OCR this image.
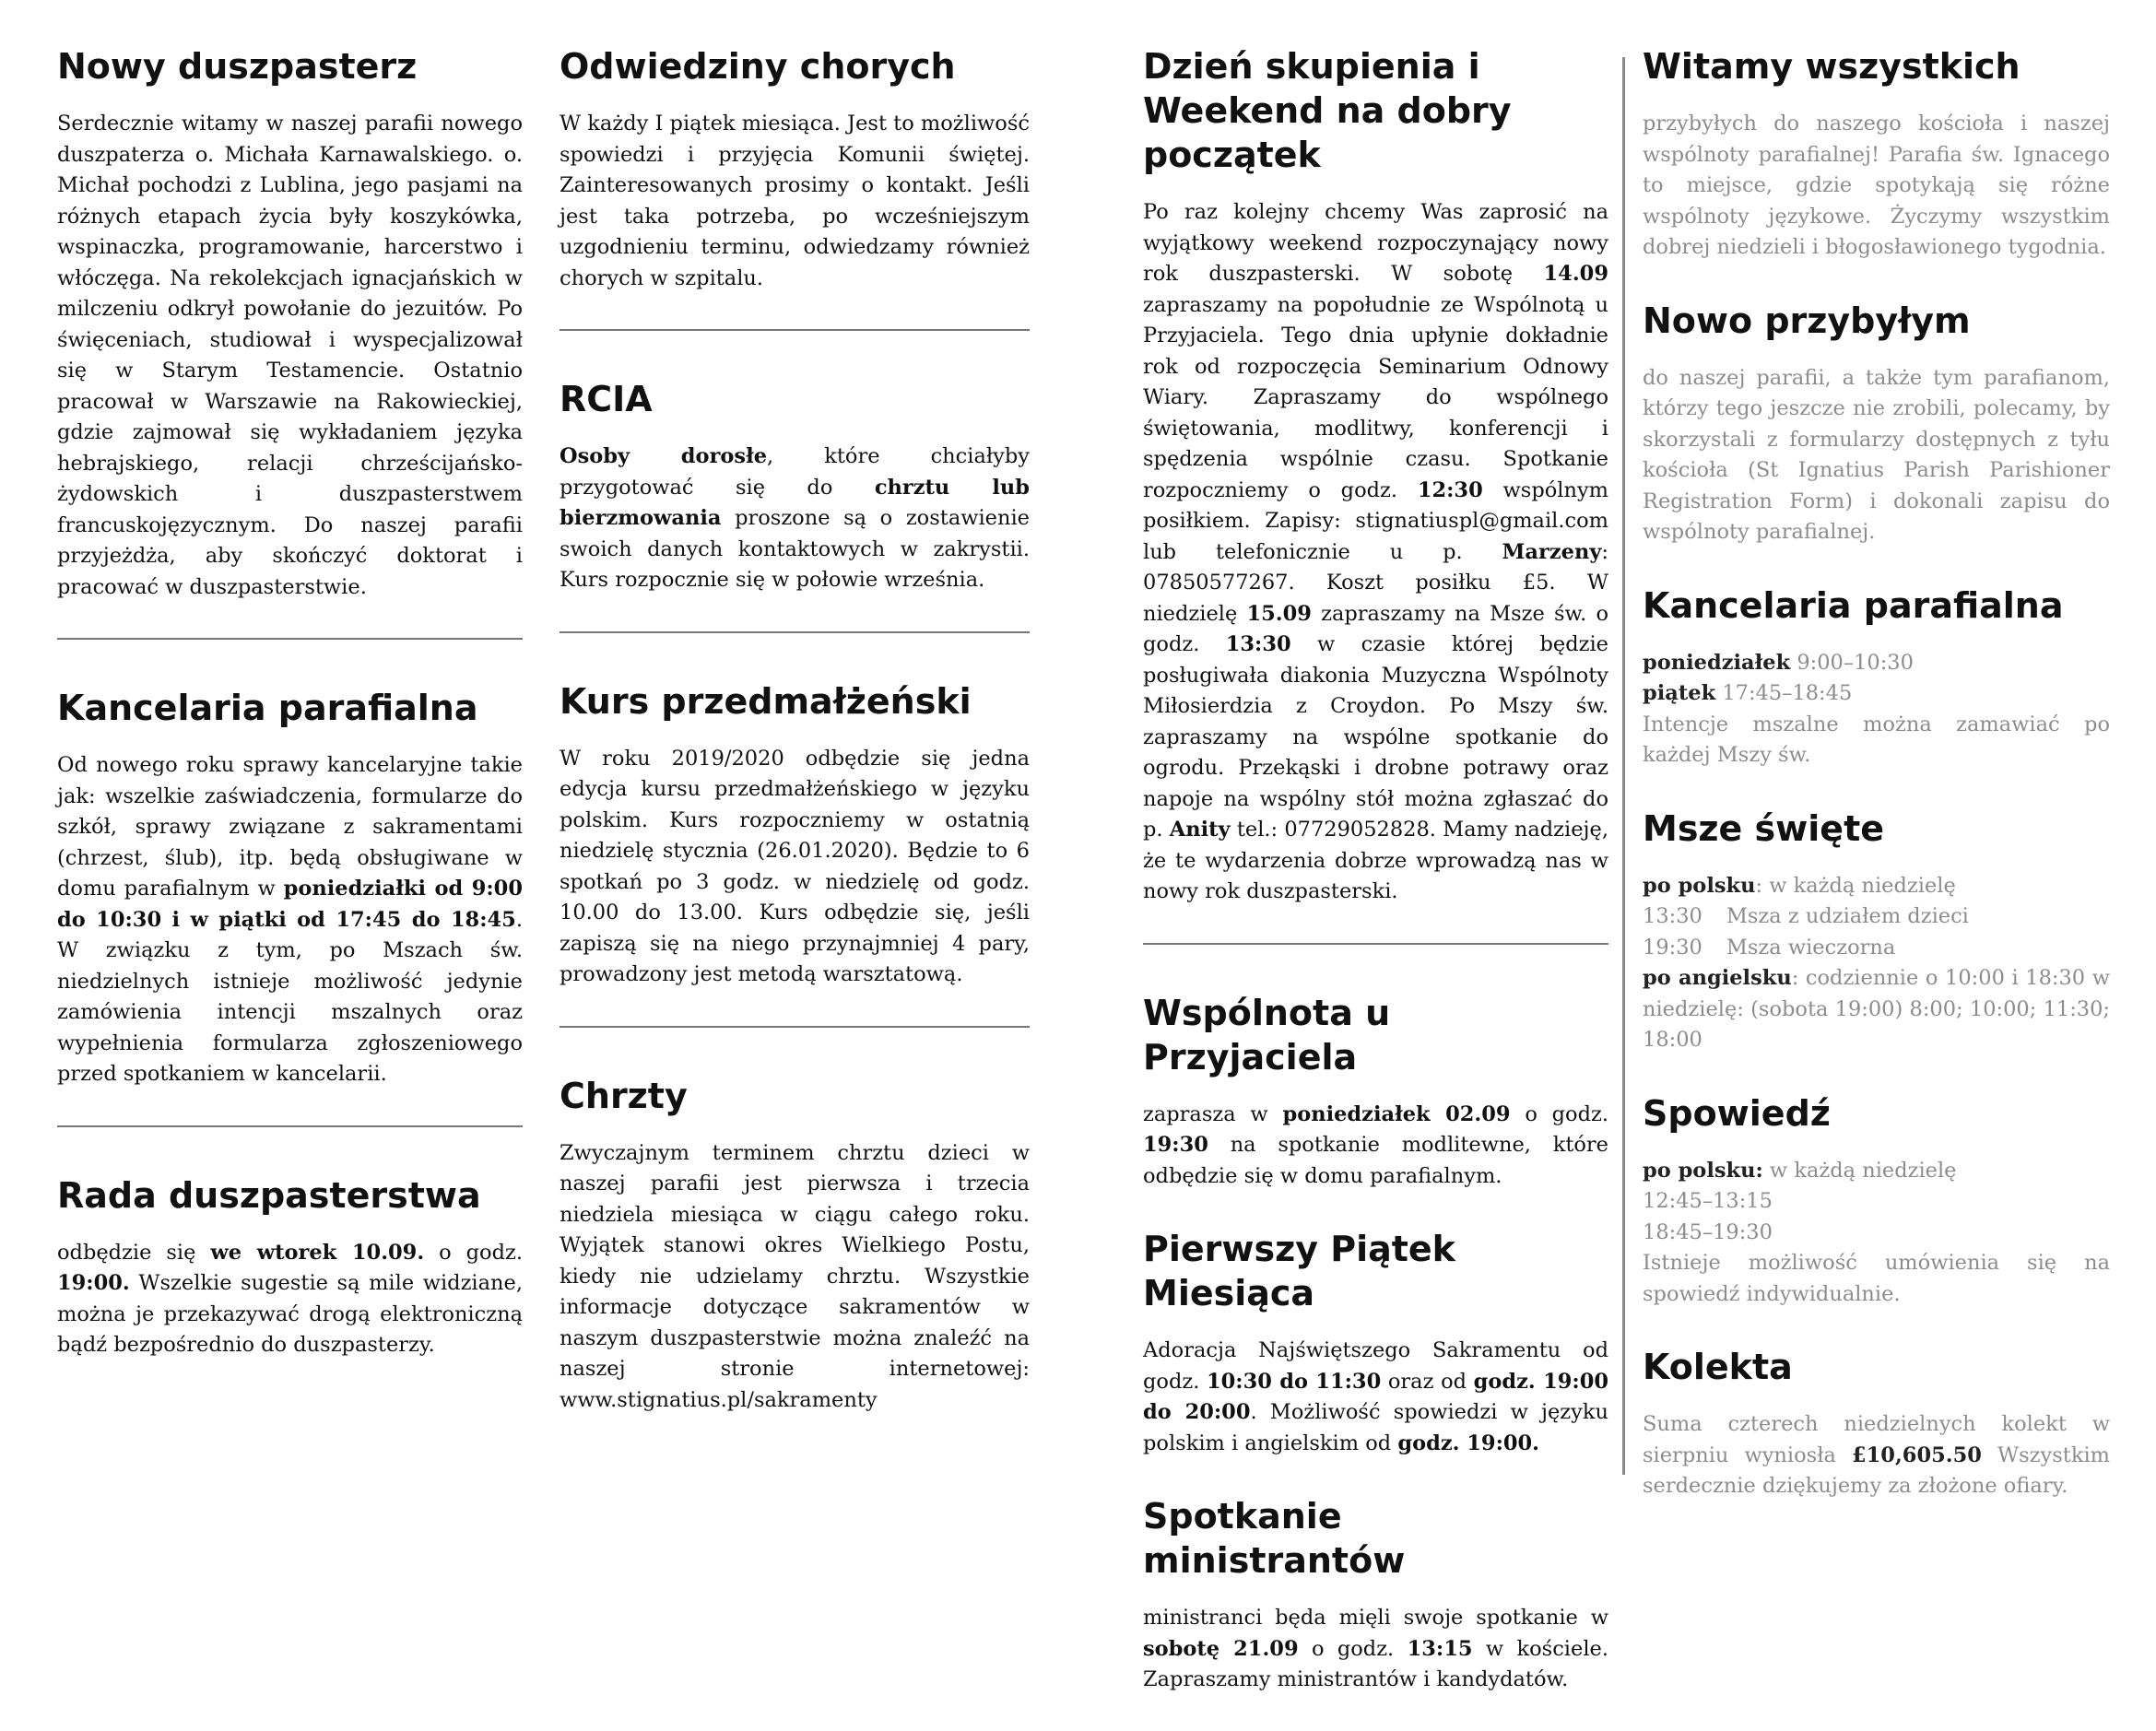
Nowy duszpasterz

Serdecznie witamy w naszej parafii nowego duszpaterza o. Michała Karnawalskiego. o. Michał pochodzi z Lublina, jego pasjami na różnych etapach życia były koszykówka, wspinaczka, programowanie, harcerstwo i włóczęga. Na rekolekcjach ignacjańskich w milczeniu odkrył powołanie do jezuitów. Po święceniach, studiował i wyspecjalizował się w Starym Testamencie. Ostatnio pracował w Warszawie na Rakowieckiej, gdzie zajmował się wykładaniem języka hebrajskiego, relacji chrześcijańsko-żydowskich i duszpasterstwem francuskojęzycznym. Do naszej parafii przyjeżdża, aby skończyć doktorat i pracować w duszpasterstwie.

Kancelaria parafialna

Od nowego roku sprawy kancelaryjne takie jak: wszelkie zaświadczenia, formularze do szkół, sprawy związane z sakramentami (chrzest, ślub), itp. będą obsługiwane w domu parafialnym w poniedziałki od 9:00 do 10:30 i w piątki od 17:45 do 18:45. W związku z tym, po Mszach św. niedzielnych istnieje możliwość jedynie zamówienia intencji mszalnych oraz wypełnienia formularza zgłoszeniowego przed spotkaniem w kancelarii.

Rada duszpasterstwa

odbędzie się we wtorek 10.09. o godz. 19:00. Wszelkie sugestie są mile widziane, można je przekazywać drogą elektroniczną bądź bezpośrednio do duszpasterzy.

Odwiedziny chorych

W każdy I piątek miesiąca. Jest to możliwość spowiedzi i przyjęcia Komunii świętej. Zainteresowanych prosimy o kontakt. Jeśli jest taka potrzeba, po wcześniejszym uzgodnieniu terminu, odwiedzamy również chorych w szpitalu.

RCIA

Osoby dorosłe, które chciałyby przygotować się do chrztu lub bierzmowania proszone są o zostawienie swoich danych kontaktowych w zakrystii. Kurs rozpocznie się w połowie września.

Kurs przedmałżeński

W roku 2019/2020 odbędzie się jedna edycja kursu przedmałżeńskiego w języku polskim. Kurs rozpoczniemy w ostatnią niedzielę stycznia (26.01.2020). Będzie to 6 spotkań po 3 godz. w niedzielę od godz. 10.00 do 13.00. Kurs odbędzie się, jeśli zapiszą się na niego przynajmniej 4 pary, prowadzony jest metodą warsztatową.

Chrzty

Zwyczajnym terminem chrztu dzieci w naszej parafii jest pierwsza i trzecia niedziela miesiąca w ciągu całego roku. Wyjątek stanowi okres Wielkiego Postu, kiedy nie udzielamy chrztu. Wszystkie informacje dotyczące sakramentów w naszym duszpasterstwie można znaleźć na naszej stronie internetowej: www.stignatius.pl/sakramenty

Dzień skupienia i
Weekend na dobry początek

Po raz kolejny chcemy Was zaprosić na wyjątkowy weekend rozpoczynający nowy rok duszpasterski. W sobotę 14.09 zapraszamy na popołudnie ze Wspólnotą u Przyjaciela. Tego dnia upłynie dokładnie rok od rozpoczęcia Seminarium Odnowy Wiary. Zapraszamy do wspólnego świętowania, modlitwy, konferencji i spędzenia wspólnie czasu. Spotkanie rozpoczniemy o godz. 12:30 wspólnym posiłkiem. Zapisy: stignatiuspl@gmail.com lub telefonicznie u p. Marzeny: 07850577267. Koszt posiłku £5. W niedzielę 15.09 zapraszamy na Msze św. o godz. 13:30 w czasie której będzie posługiwała diakonia Muzyczna Wspólnoty Miłosierdzia z Croydon. Po Mszy św. zapraszamy na wspólne spotkanie do ogrodu. Przekąski i drobne potrawy oraz napoje na wspólny stół można zgłaszać do p. Anity tel.: 07729052828. Mamy nadzieję, że te wydarzenia dobrze wprowadzą nas w nowy rok duszpasterski.

Wspólnota u Przyjaciela

zaprasza w poniedziałek 02.09 o godz. 19:30 na spotkanie modlitewne, które odbędzie się w domu parafialnym.

Pierwszy Piątek Miesiąca

Adoracja Najświętszego Sakramentu od godz. 10:30 do 11:30 oraz od godz. 19:00 do 20:00. Możliwość spowiedzi w języku polskim i angielskim od godz. 19:00.

Spotkanie ministrantów

ministranci będa mięli swoje spotkanie w sobotę 21.09 o godz. 13:15 w kościele. Zapraszamy ministrantów i kandydatów.

Witamy wszystkich

przybyłych do naszego kościoła i naszej wspólnoty parafialnej! Parafia św. Ignacego to miejsce, gdzie spotykają się różne wspólnoty językowe. Życzymy wszystkim dobrej niedzieli i błogosławionego tygodnia.

Nowo przybyłym

do naszej parafii, a także tym parafianom, którzy tego jeszcze nie zrobili, polecamy, by skorzystali z formularzy dostępnych z tyłu kościoła (St Ignatius Parish Parishioner Registration Form) i dokonali zapisu do wspólnoty parafialnej.

Kancelaria parafialna

poniedziałek 9:00–10:30
piątek 17:45–18:45
Intencje mszalne można zamawiać po każdej Mszy św.

Msze święte

po polsku: w każdą niedzielę
13:30 Msza z udziałem dzieci
19:30 Msza wieczorna
po angielsku: codziennie o 10:00 i 18:30 w niedzielę: (sobota 19:00) 8:00; 10:00; 11:30; 18:00

Spowiedź

po polsku: w każdą niedzielę
12:45–13:15
18:45–19:30
Istnieje możliwość umówienia się na spowiedź indywidualnie.

Kolekta

Suma czterech niedzielnych kolekt w sierpniu wyniosła £10,605.50 Wszystkim serdecznie dziękujemy za złożone ofiary.
